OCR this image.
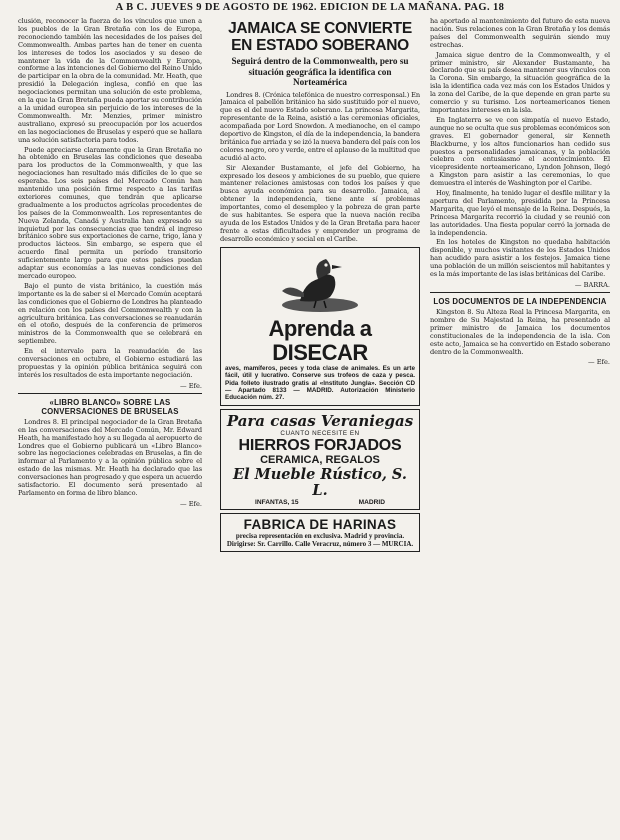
A B C. JUEVES 9 DE AGOSTO DE 1962. EDICION DE LA MAÑANA. PAG. 18

clusión, reconocer la fuerza de los vínculos que unen a los pueblos de la Gran Bretaña con los de Europa, reconociendo también las necesidades de los países del Commonwealth. Ambas partes han de tener en cuenta los intereses de todos los asociados y su deseo de mantener la vida de la Commonwealth y Europa, conforme a las intenciones del Gobierno del Reino Unido de participar en la obra de la comunidad. Mr. Heath, que presidió la Delegación inglesa, confió en que las negociaciones permitan una solución de este problema, en la que la Gran Bretaña pueda aportar su contribución a la unidad europea sin perjuicio de los intereses de la Commonwealth. Mr. Menzies, primer ministro australiano, expresó su preocupación por los acuerdos en las negociaciones de Bruselas y esperó que se hallara una solución satisfactoria para todos.

Puede apreciarse claramente que la Gran Bretaña no ha obtenido en Bruselas las condiciones que deseaba para los productos de la Commonwealth, y que las negociaciones han resultado más difíciles de lo que se esperaba. Los seis países del Mercado Común han mantenido una posición firme respecto a las tarifas exteriores comunes, que tendrán que aplicarse gradualmente a los productos agrícolas procedentes de los países de la Commonwealth. Los representantes de Nueva Zelanda, Canadá y Australia han expresado su inquietud por las consecuencias que tendrá el ingreso británico sobre sus exportaciones de carne, trigo, lana y productos lácteos. Sin embargo, se espera que el acuerdo final permita un período transitorio suficientemente largo para que estos países puedan adaptar sus economías a las nuevas condiciones del mercado europeo.

Bajo el punto de vista británico, la cuestión más importante es la de saber si el Mercado Común aceptará las condiciones que el Gobierno de Londres ha planteado en relación con los países del Commonwealth y con la agricultura británica. Las conversaciones se reanudarán en el otoño, después de la conferencia de primeros ministros de la Commonwealth que se celebrará en septiembre.

En el intervalo para la reanudación de las conversaciones en octubre, el Gobierno estudiará las propuestas y la opinión pública británica seguirá con interés los resultados de esta importante negociación.

— Efe.
«LIBRO BLANCO» SOBRE LAS CONVERSACIONES DE BRUSELAS

Londres 8. El principal negociador de la Gran Bretaña en las conversaciones del Mercado Común, Mr. Edward Heath, ha manifestado hoy a su llegada al aeropuerto de Londres que el Gobierno publicará un «Libro Blanco» sobre las negociaciones celebradas en Bruselas, a fin de informar al Parlamento y a la opinión pública sobre el estado de las mismas. Mr. Heath ha declarado que las conversaciones han progresado y que espera un acuerdo satisfactorio. El documento será presentado al Parlamento en forma de libro blanco.

— Efe.
JAMAICA SE CONVIERTE EN ESTADO SOBERANO
Seguirá dentro de la Commonwealth, pero su situación geográfica la identifica con Norteamérica

Londres 8. (Crónica telefónica de nuestro corresponsal.) En Jamaica el pabellón británico ha sido sustituido por el nuevo, que es el del nuevo Estado soberano. La princesa Margarita, representante de la Reina, asistió a las ceremonias oficiales, acompañada por Lord Snowdon. A medianoche, en el campo deportivo de Kingston, el día de la independencia, la bandera británica fue arriada y se izó la nueva bandera del país con los colores negro, oro y verde, entre el aplauso de la multitud que acudió al acto.

Sir Alexander Bustamante, el jefe del Gobierno, ha expresado los deseos y ambiciones de su pueblo, que quiere mantener relaciones amistosas con todos los países y que busca ayuda económica para su desarrollo. Jamaica, al obtener la independencia, tiene ante sí problemas importantes, como el desempleo y la pobreza de gran parte de sus habitantes. Se espera que la nueva nación reciba ayuda de los Estados Unidos y de la Gran Bretaña para hacer frente a estas dificultades y emprender un programa de desarrollo económico y social en el Caribe.

Aprenda a DISECAR
aves, mamíferos, peces y toda clase de animales. Es un arte fácil, útil y lucrativo. Conserve sus trofeos de caza y pesca. Pida folleto ilustrado gratis al «Instituto Jungla». Sección CD — Apartado 8133 — MADRID. Autorización Ministerio Educación núm. 27.
Para casas Veraniegas
CUANTO NECESITE EN
HIERROS FORJADOS
CERAMICA, REGALOS
El Mueble Rústico, S. L.
INFANTAS, 15	MADRID
FABRICA DE HARINAS
precisa representación en exclusiva. Madrid y provincia. Dirigirse: Sr. Carrillo. Calle Veracruz, número 3 — MURCIA.

ha aportado al mantenimiento del futuro de esta nueva nación. Sus relaciones con la Gran Bretaña y los demás países del Commonwealth seguirán siendo muy estrechas.

Jamaica sigue dentro de la Commonwealth, y el primer ministro, sir Alexander Bustamante, ha declarado que su país desea mantener sus vínculos con la Corona. Sin embargo, la situación geográfica de la isla la identifica cada vez más con los Estados Unidos y la zona del Caribe, de la que depende en gran parte su comercio y su turismo. Los norteamericanos tienen importantes intereses en la isla.

En Inglaterra se ve con simpatía el nuevo Estado, aunque no se oculta que sus problemas económicos son graves. El gobernador general, sir Kenneth Blackburne, y los altos funcionarios han cedido sus puestos a personalidades jamaicanas, y la población celebra con entusiasmo el acontecimiento. El vicepresidente norteamericano, Lyndon Johnson, llegó a Kingston para asistir a las ceremonias, lo que demuestra el interés de Washington por el Caribe.

Hoy, finalmente, ha tenido lugar el desfile militar y la apertura del Parlamento, presidida por la Princesa Margarita, que leyó el mensaje de la Reina. Después, la Princesa Margarita recorrió la ciudad y se reunió con las autoridades. Una fiesta popular cerró la jornada de la independencia.

En los hoteles de Kingston no quedaba habitación disponible, y muchos visitantes de los Estados Unidos han acudido para asistir a los festejos. Jamaica tiene una población de un millón seiscientos mil habitantes y es la más importante de las islas británicas del Caribe.

— BARRA.
LOS DOCUMENTOS DE LA INDEPENDENCIA

Kingston 8. Su Alteza Real la Princesa Margarita, en nombre de Su Majestad la Reina, ha presentado al primer ministro de Jamaica los documentos constitucionales de la independencia de la isla. Con este acto, Jamaica se ha convertido en Estado soberano dentro de la Commonwealth.

— Efe.
